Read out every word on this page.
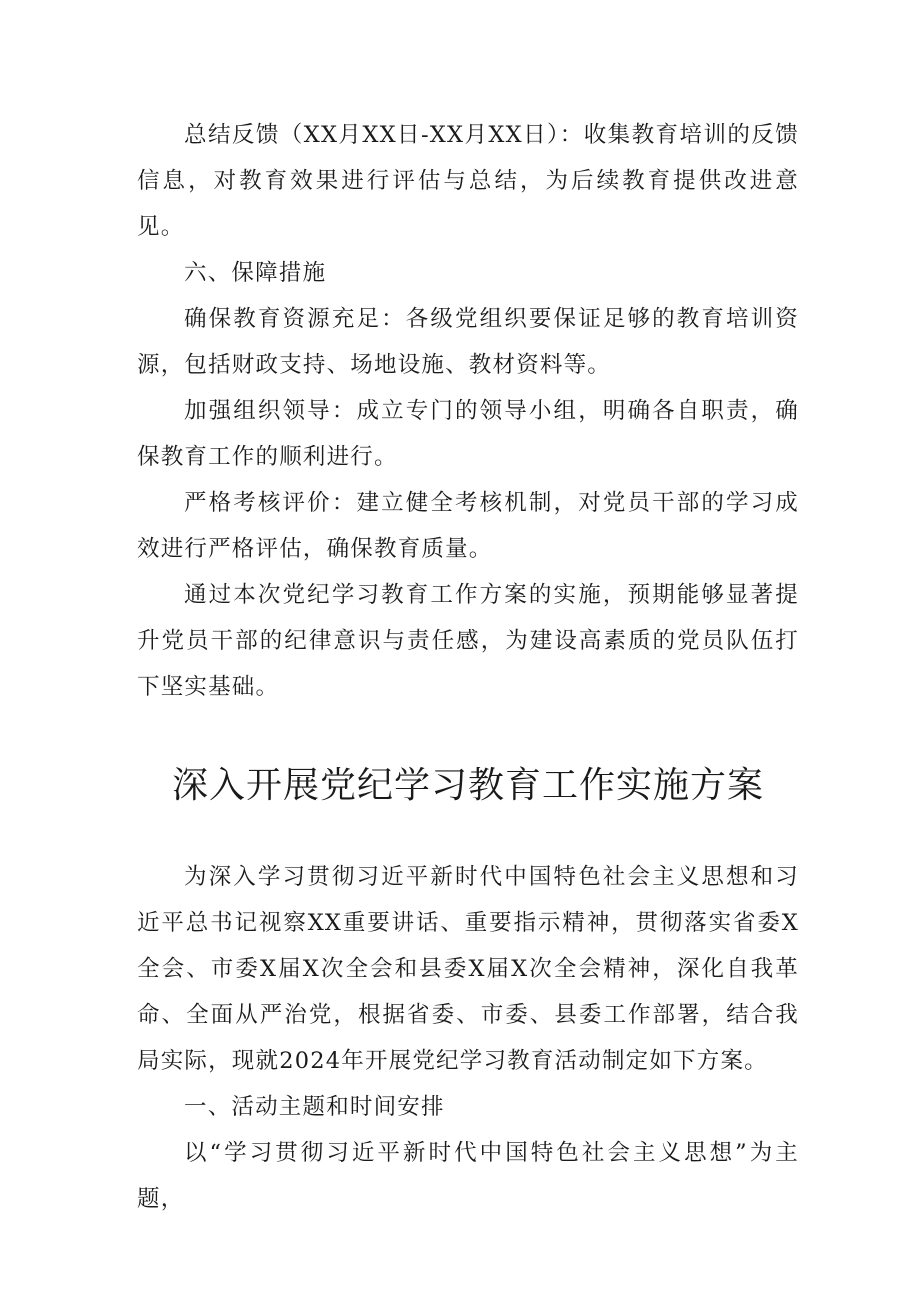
总结反馈（XX月XX日-XX月XX日）：收集教育培训的反馈信息，对教育效果进行评估与总结，为后续教育提供改进意见。

六、保障措施

确保教育资源充足：各级党组织要保证足够的教育培训资源，包括财政支持、场地设施、教材资料等。

加强组织领导：成立专门的领导小组，明确各自职责，确保教育工作的顺利进行。

严格考核评价：建立健全考核机制，对党员干部的学习成效进行严格评估，确保教育质量。

通过本次党纪学习教育工作方案的实施，预期能够显著提升党员干部的纪律意识与责任感，为建设高素质的党员队伍打下坚实基础。

深入开展党纪学习教育工作实施方案

为深入学习贯彻习近平新时代中国特色社会主义思想和习近平总书记视察XX重要讲话、重要指示精神，贯彻落实省委X全会、市委X届X次全会和县委X届X次全会精神，深化自我革命、全面从严治党，根据省委、市委、县委工作部署，结合我局实际，现就2024年开展党纪学习教育活动制定如下方案。

一、活动主题和时间安排

以“学习贯彻习近平新时代中国特色社会主义思想”为主题，
